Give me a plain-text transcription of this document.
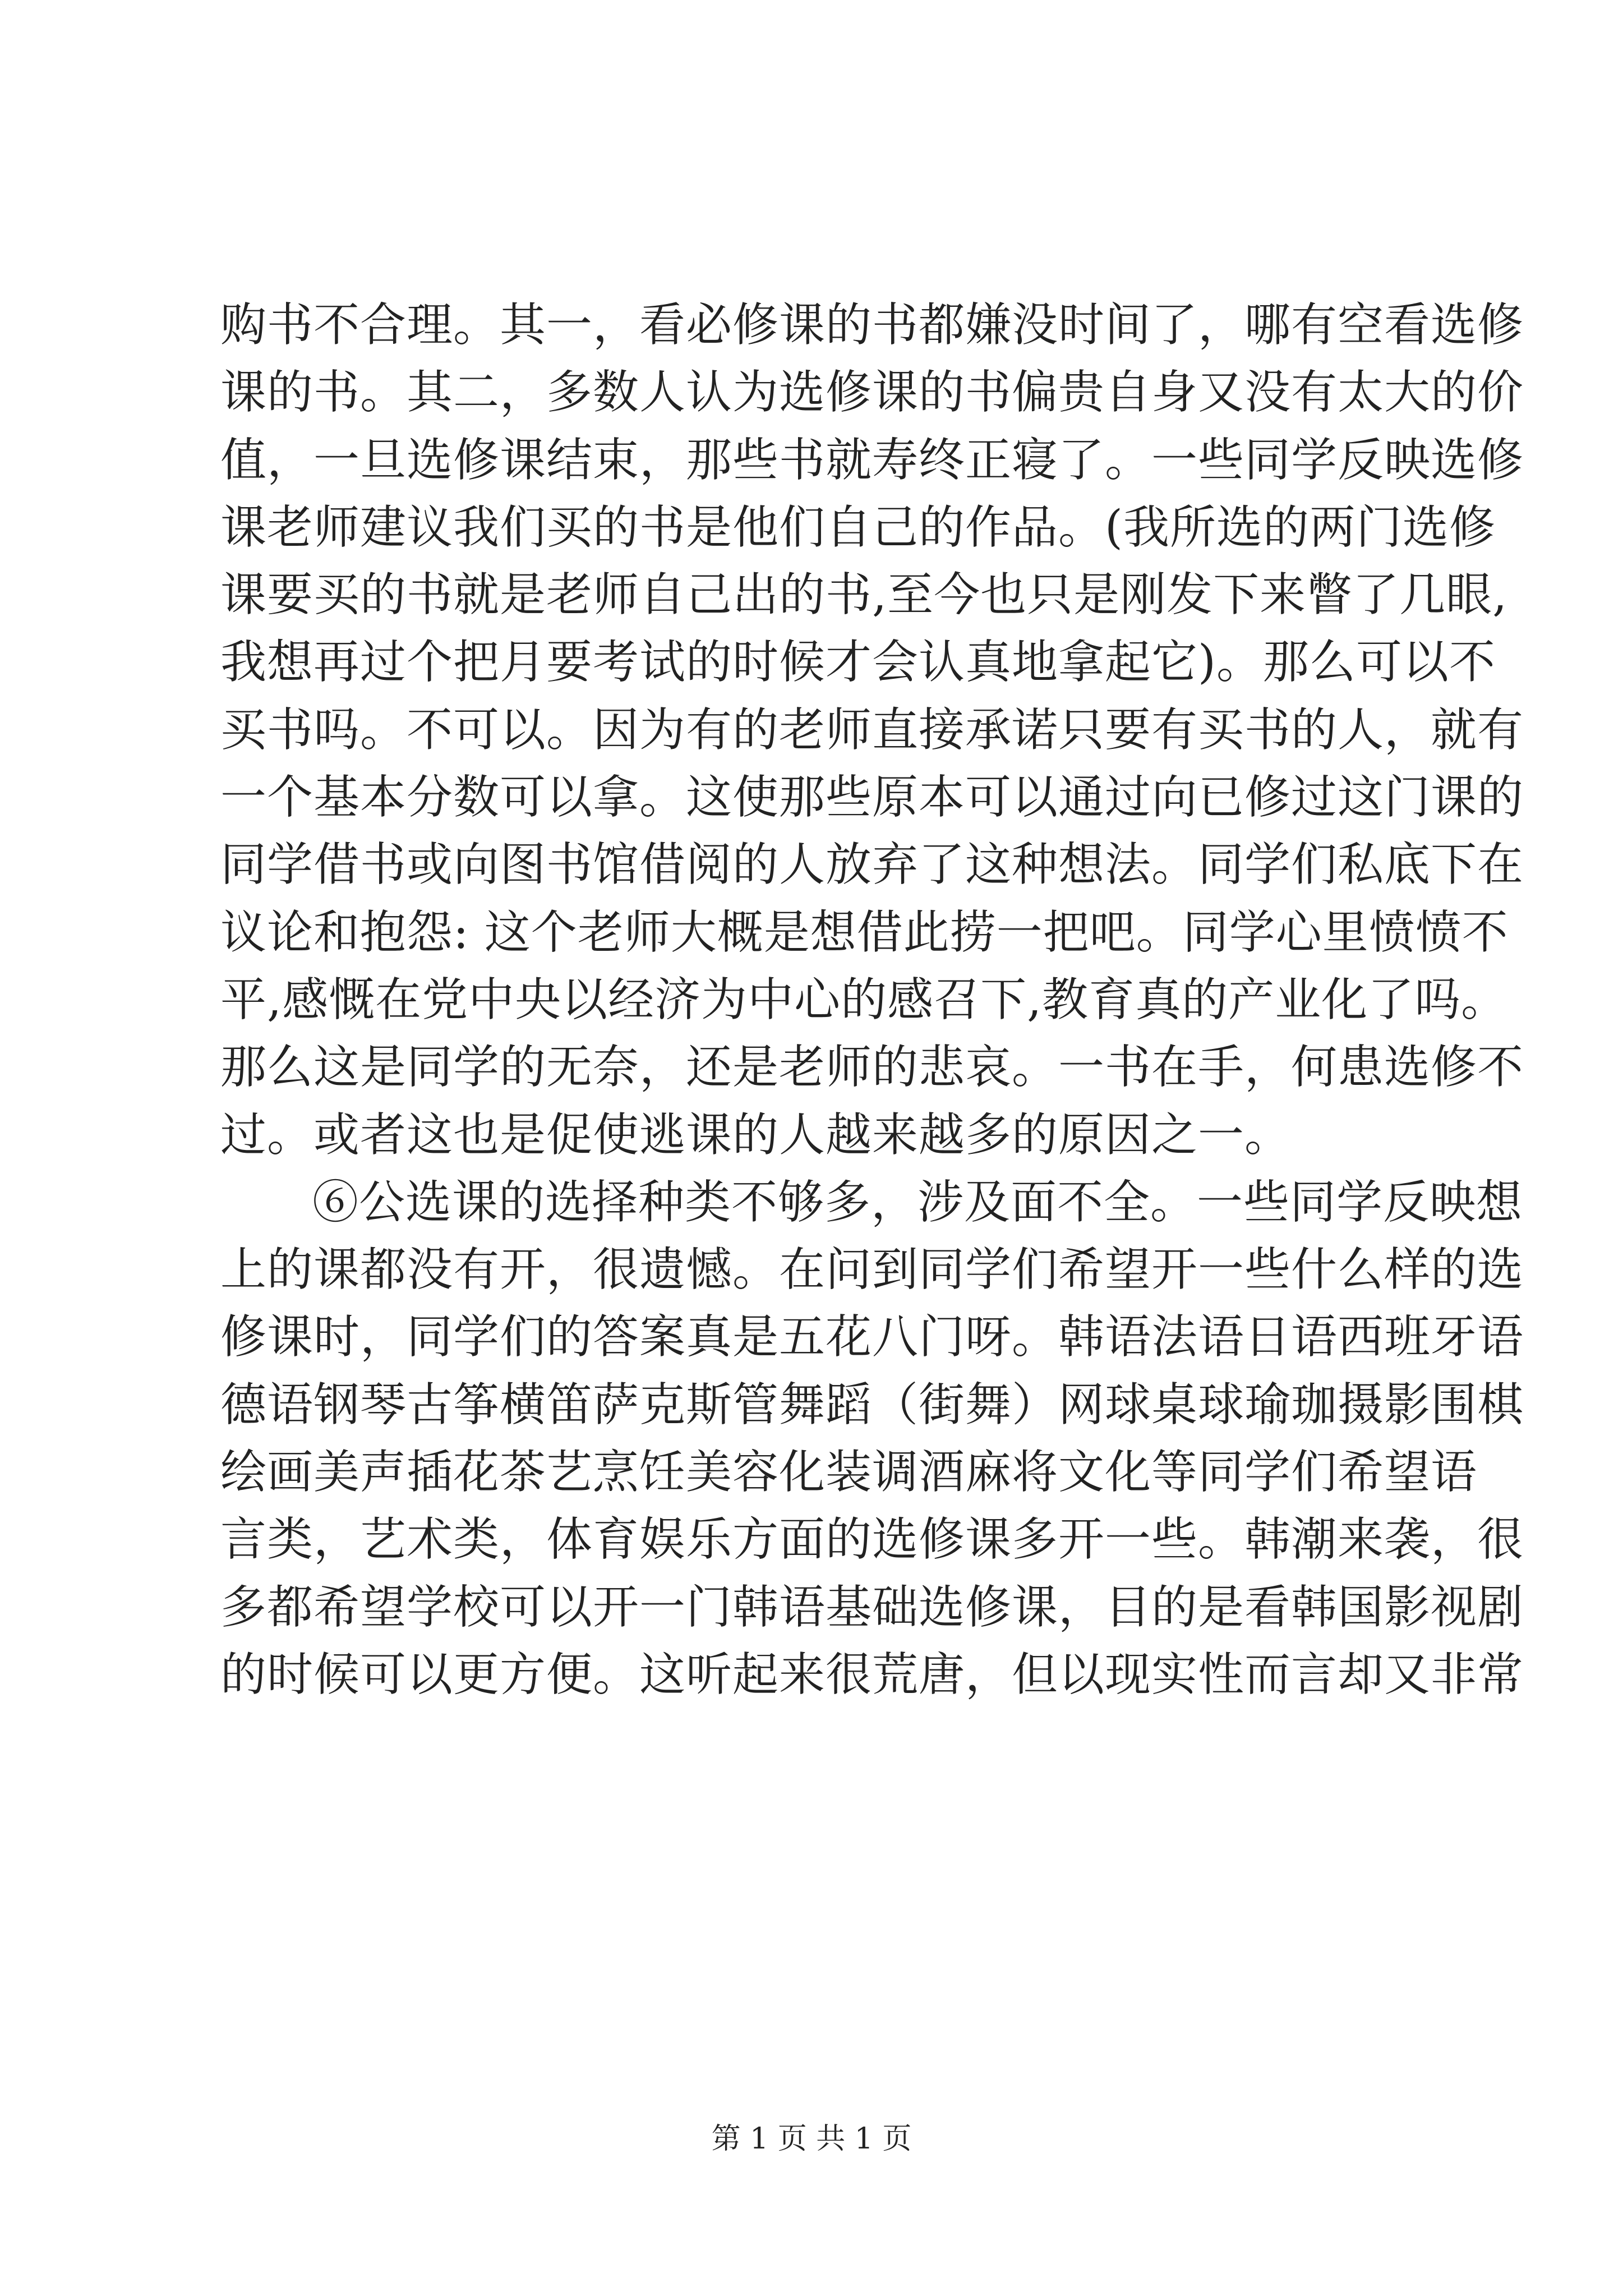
购书不合理。其一，看必修课的书都嫌没时间了，哪有空看选修
课的书。其二，多数人认为选修课的书偏贵自身又没有太大的价
值，一旦选修课结束，那些书就寿终正寝了。一些同学反映选修
课老师建议我们买的书是他们自己的作品。(我所选的两门选修
课要买的书就是老师自己出的书,至今也只是刚发下来瞥了几眼,
我想再过个把月要考试的时候才会认真地拿起它)。那么可以不
买书吗。不可以。因为有的老师直接承诺只要有买书的人，就有
一个基本分数可以拿。这使那些原本可以通过向已修过这门课的
同学借书或向图书馆借阅的人放弃了这种想法。同学们私底下在
议论和抱怨: 这个老师大概是想借此捞一把吧。同学心里愤愤不
平,感慨在党中央以经济为中心的感召下,教育真的产业化了吗。
那么这是同学的无奈，还是老师的悲哀。一书在手，何患选修不
过。或者这也是促使逃课的人越来越多的原因之一。
⑥公选课的选择种类不够多，涉及面不全。一些同学反映想
上的课都没有开，很遗憾。在问到同学们希望开一些什么样的选
修课时，同学们的答案真是五花八门呀。韩语法语日语西班牙语
德语钢琴古筝横笛萨克斯管舞蹈（街舞）网球桌球瑜珈摄影围棋
绘画美声插花茶艺烹饪美容化装调酒麻将文化等同学们希望语
言类，艺术类，体育娱乐方面的选修课多开一些。韩潮来袭，很
多都希望学校可以开一门韩语基础选修课，目的是看韩国影视剧
的时候可以更方便。这听起来很荒唐，但以现实性而言却又非常
第 1 页 共 1 页
